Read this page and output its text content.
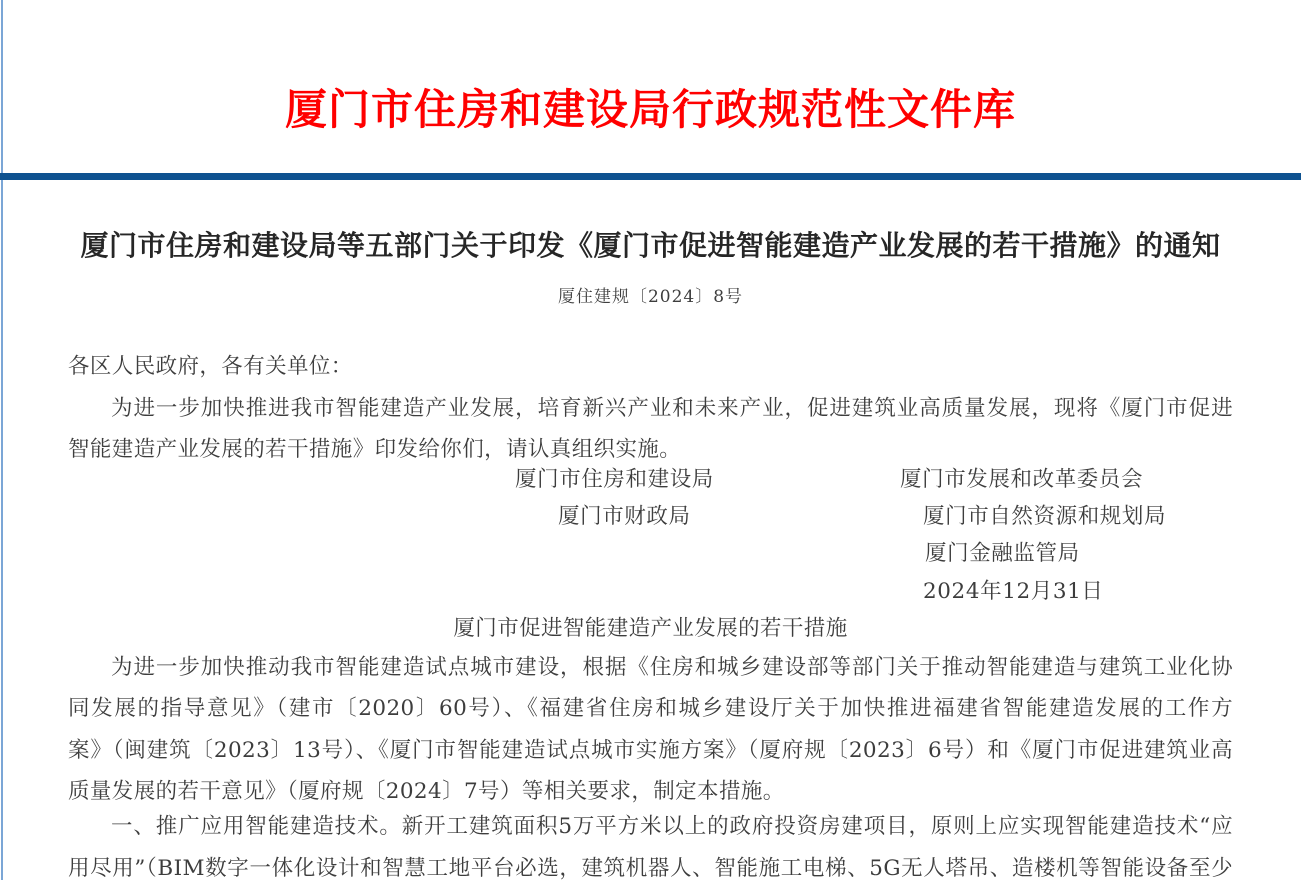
厦门市住房和建设局行政规范性文件库
厦门市住房和建设局等五部门关于印发《厦门市促进智能建造产业发展的若干措施》的通知
厦住建规〔2024〕8号
各区人民政府，各有关单位：
为进一步加快推进我市智能建造产业发展，培育新兴产业和未来产业，促进建筑业高质量发展，现将《厦门市促进
智能建造产业发展的若干措施》印发给你们，请认真组织实施。
厦门市住房和建设局	厦门市发展和改革委员会
厦门市财政局	厦门市自然资源和规划局
厦门金融监管局
2024年12月31日
厦门市促进智能建造产业发展的若干措施
为进一步加快推动我市智能建造试点城市建设，根据《住房和城乡建设部等部门关于推动智能建造与建筑工业化协
同发展的指导意见》（建市〔2020〕60号）、《福建省住房和城乡建设厅关于加快推进福建省智能建造发展的工作方
案》（闽建筑〔2023〕13号）、《厦门市智能建造试点城市实施方案》（厦府规〔2023〕6号）和《厦门市促进建筑业高
质量发展的若干意见》（厦府规〔2024〕7号）等相关要求，制定本措施。
一、推广应用智能建造技术。新开工建筑面积5万平方米以上的政府投资房建项目，原则上应实现智能建造技术“应
用尽用”（BIM数字一体化设计和智慧工地平台必选，建筑机器人、智能施工电梯、5G无人塔吊、造楼机等智能设备至少
